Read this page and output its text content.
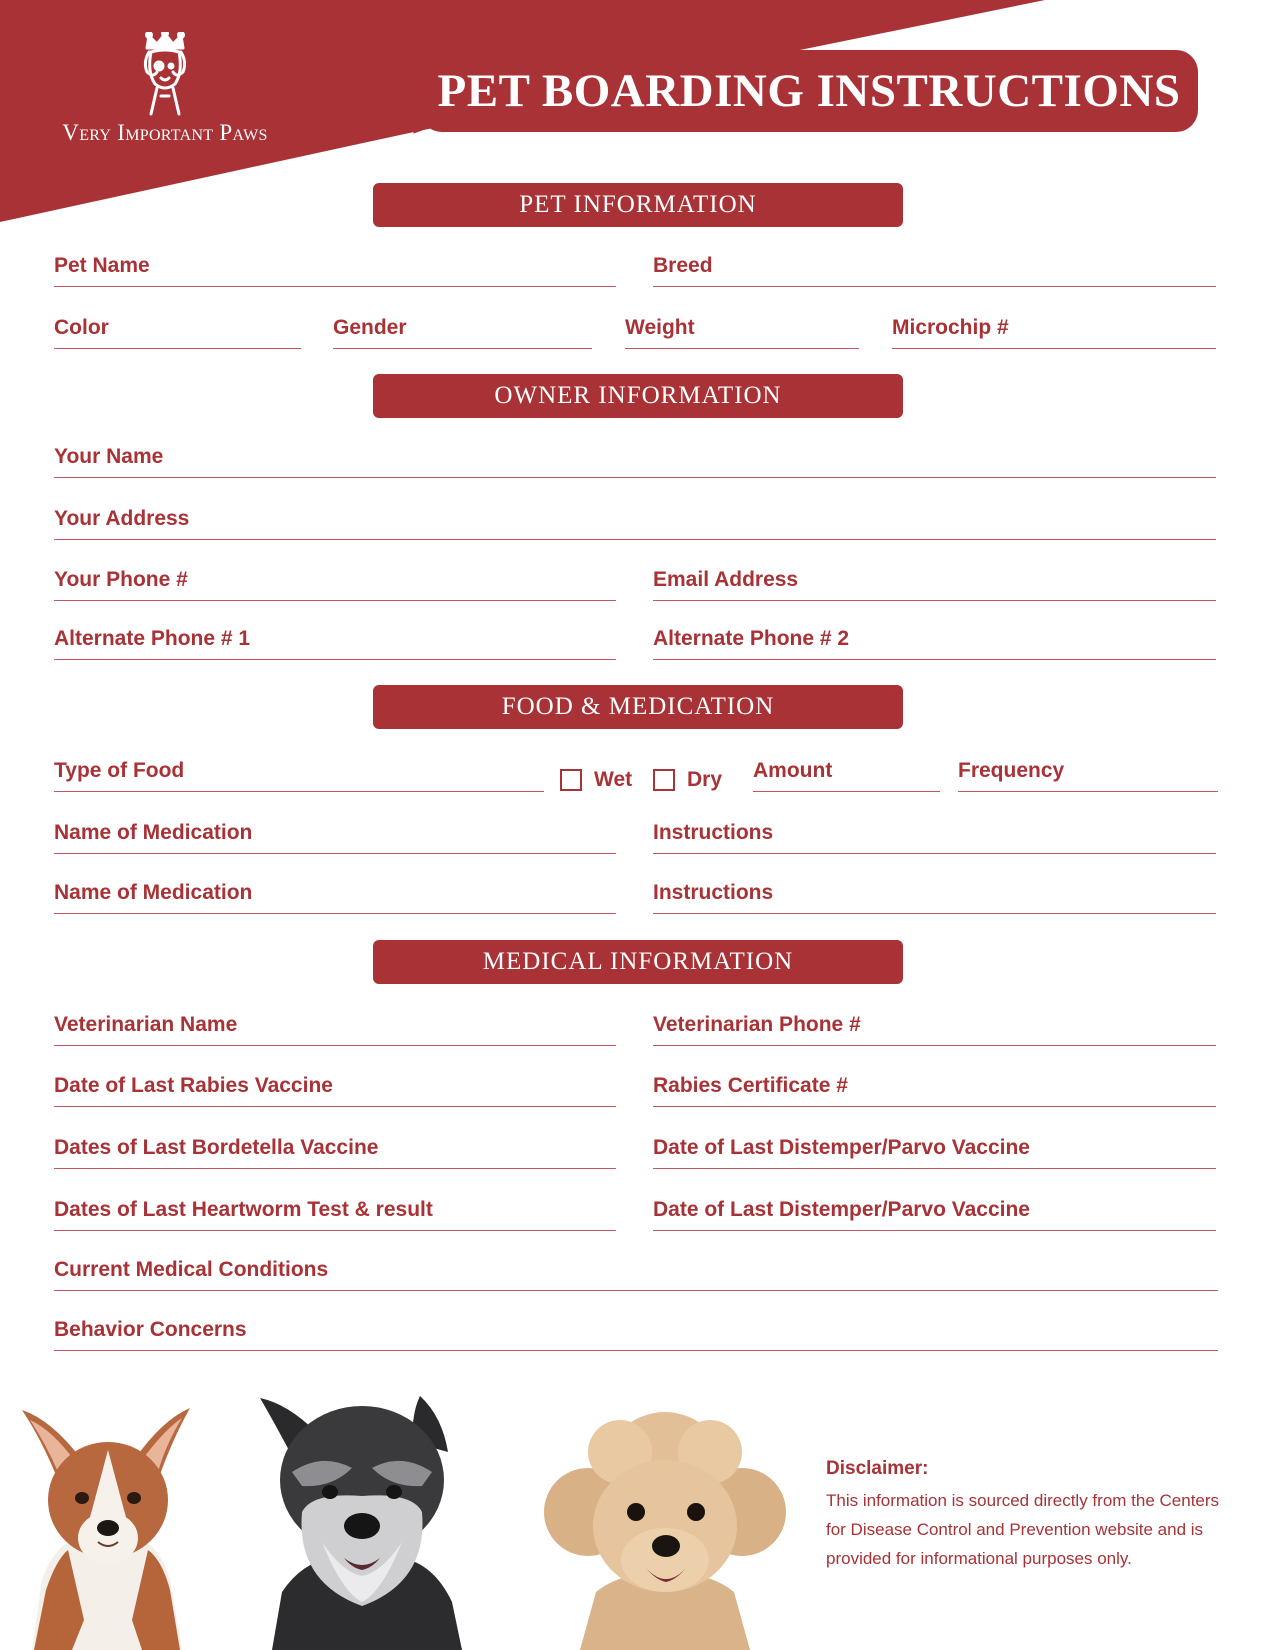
Very Important Paws
PET BOARDING INSTRUCTIONS
PET INFORMATION
Pet Name	Breed
Color	Gender	Weight	Microchip #
OWNER INFORMATION
Your Name
Your Address
Your Phone #	Email Address
Alternate Phone # 1	Alternate Phone # 2
FOOD & MEDICATION
Type of Food	Wet	Dry Amount	Frequency
Name of Medication	Instructions
Name of Medication	Instructions
MEDICAL INFORMATION
Veterinarian Name	Veterinarian Phone #
Date of Last Rabies Vaccine	Rabies Certificate #
Dates of Last Bordetella Vaccine	Date of Last Distemper/Parvo Vaccine
Dates of Last Heartworm Test & result	Date of Last Distemper/Parvo Vaccine
Current Medical Conditions
Behavior Concerns
Disclaimer:
This information is sourced directly from the Centers for Disease Control and Prevention website and is provided for informational purposes only.
